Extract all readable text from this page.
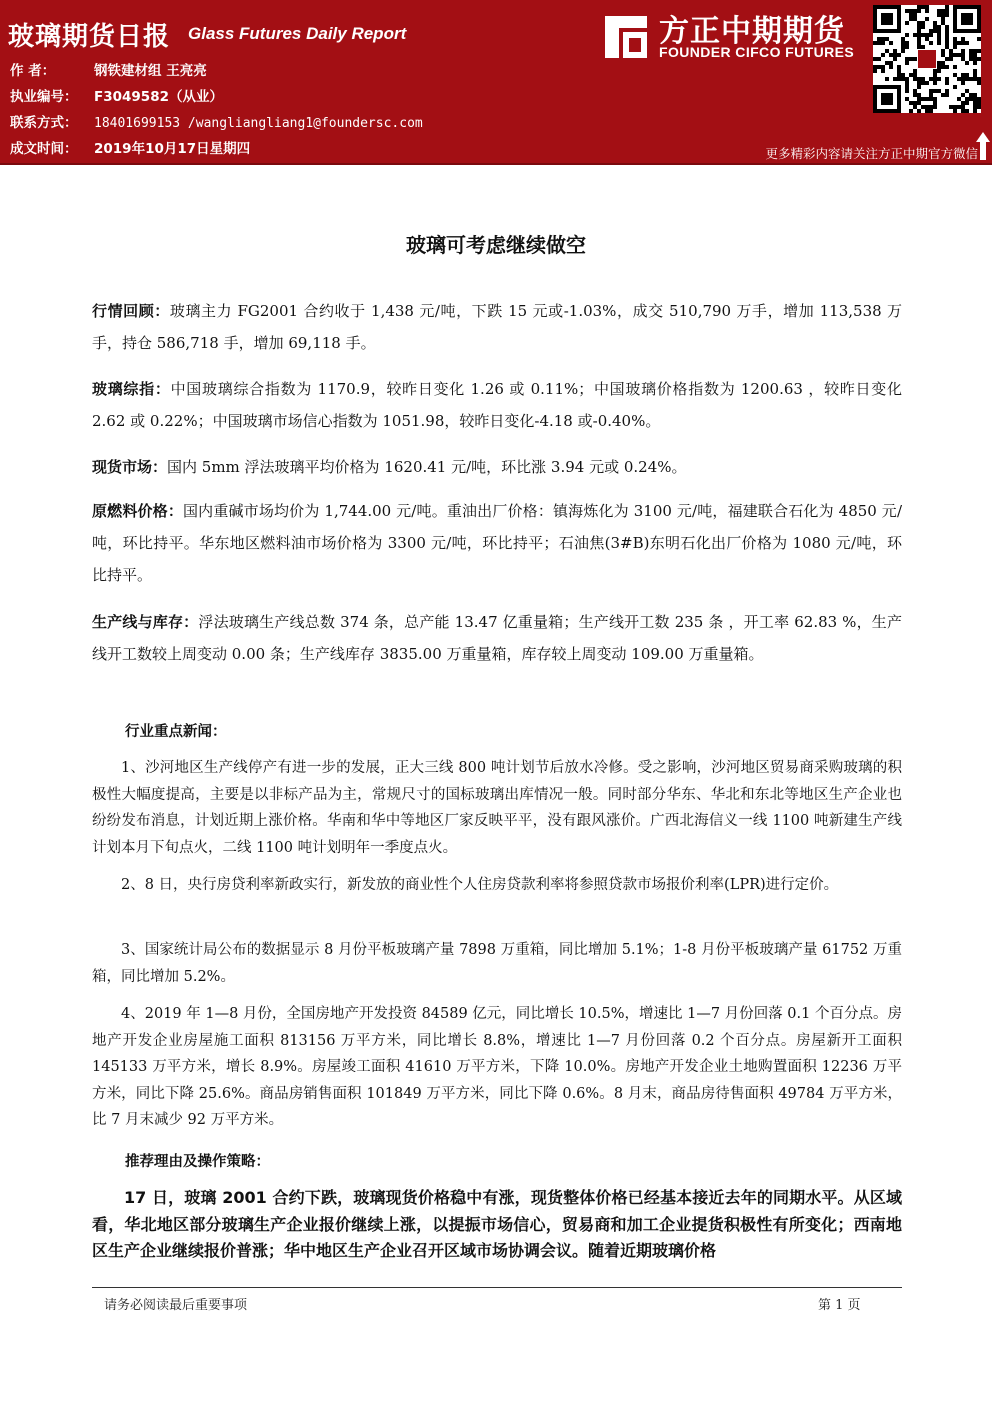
玻璃期货日报 Glass Futures Daily Report
作 者：	钢铁建材组 王亮亮
执业编号： F3049582（从业）
联系方式： 18401699153 /wangliangliang1@foundersc.com
成文时间： 2019年10月17日星期四
方正中期期货
FOUNDER CIFCO FUTURES
更多精彩内容请关注方正中期官方微信
玻璃可考虑继续做空
行情回顾：玻璃主力 FG2001 合约收于 1,438 元/吨，下跌 15 元或-1.03%，成交 510,790 万手，增加 113,538 万手，持仓 586,718 手，增加 69,118 手。
玻璃综指：中国玻璃综合指数为 1170.9，较昨日变化 1.26 或 0.11%；中国玻璃价格指数为 1200.63 ，较昨日变化 2.62 或 0.22%；中国玻璃市场信心指数为 1051.98，较昨日变化-4.18 或-0.40%。
现货市场：国内 5mm 浮法玻璃平均价格为 1620.41 元/吨，环比涨 3.94 元或 0.24%。
原燃料价格：国内重碱市场均价为 1,744.00 元/吨。重油出厂价格：镇海炼化为 3100 元/吨，福建联合石化为 4850 元/吨，环比持平。华东地区燃料油市场价格为 3300 元/吨，环比持平；石油焦(3#B)东明石化出厂价格为 1080 元/吨，环比持平。
生产线与库存：浮法玻璃生产线总数 374 条，总产能 13.47 亿重量箱；生产线开工数 235 条 ，开工率 62.83 %，生产线开工数较上周变动 0.00 条；生产线库存 3835.00 万重量箱，库存较上周变动 109.00 万重量箱。
行业重点新闻：
1、沙河地区生产线停产有进一步的发展，正大三线 800 吨计划节后放水冷修。受之影响，沙河地区贸易商采购玻璃的积极性大幅度提高，主要是以非标产品为主，常规尺寸的国标玻璃出库情况一般。同时部分华东、华北和东北等地区生产企业也纷纷发布消息，计划近期上涨价格。华南和华中等地区厂家反映平平，没有跟风涨价。广西北海信义一线 1100 吨新建生产线计划本月下旬点火，二线 1100 吨计划明年一季度点火。
2、8 日，央行房贷利率新政实行，新发放的商业性个人住房贷款利率将参照贷款市场报价利率(LPR)进行定价。
3、国家统计局公布的数据显示 8 月份平板玻璃产量 7898 万重箱，同比增加 5.1%；1-8 月份平板玻璃产量 61752 万重箱，同比增加 5.2%。
4、2019 年 1—8 月份，全国房地产开发投资 84589 亿元，同比增长 10.5%，增速比 1—7 月份回落 0.1 个百分点。房地产开发企业房屋施工面积 813156 万平方米，同比增长 8.8%，增速比 1—7 月份回落 0.2 个百分点。房屋新开工面积 145133 万平方米，增长 8.9%。房屋竣工面积 41610 万平方米，下降 10.0%。房地产开发企业土地购置面积 12236 万平方米，同比下降 25.6%。商品房销售面积 101849 万平方米，同比下降 0.6%。8 月末，商品房待售面积 49784 万平方米，比 7 月末减少 92 万平方米。
推荐理由及操作策略：
17 日，玻璃 2001 合约下跌，玻璃现货价格稳中有涨，现货整体价格已经基本接近去年的同期水平。从区域看，华北地区部分玻璃生产企业报价继续上涨，以提振市场信心，贸易商和加工企业提货积极性有所变化；西南地区生产企业继续报价普涨；华中地区生产企业召开区域市场协调会议。随着近期玻璃价格
请务必阅读最后重要事项	第 1 页
